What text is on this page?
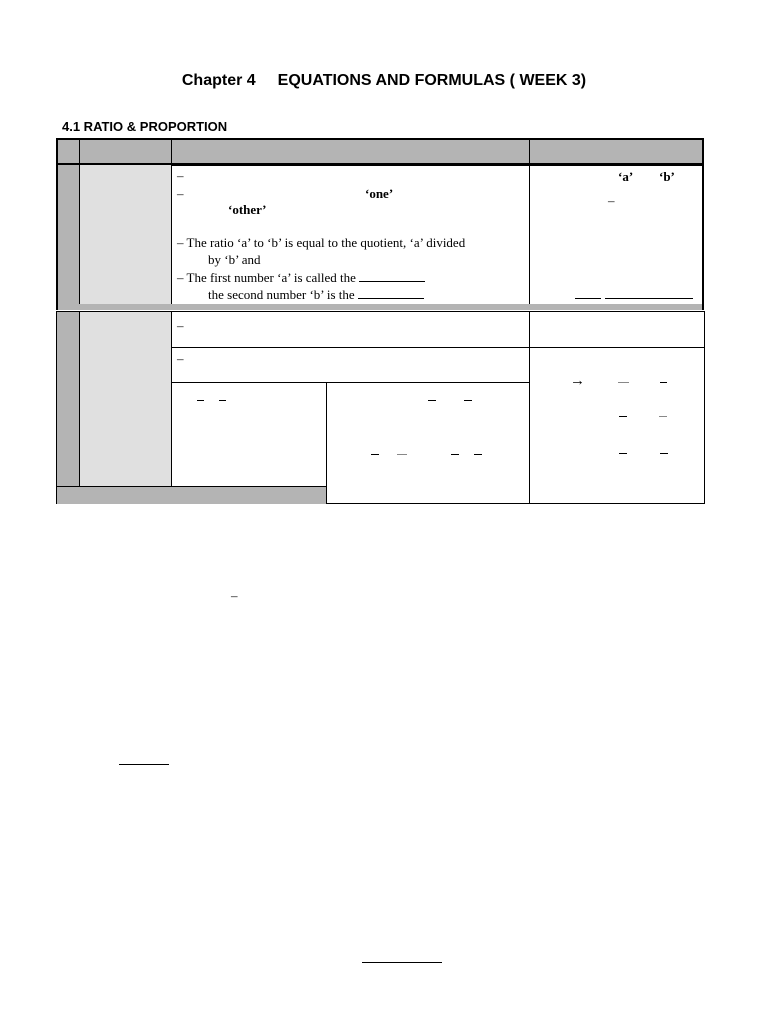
Chapter 4 EQUATIONS AND FORMULAS ( WEEK 3)
4.1 RATIO & PROPORTION
–
–	‘one’
‘other’
– The ratio ‘a’ to ‘b’ is equal to the quotient, ‘a’ divided
by ‘b’ and
– The first number ‘a’ is called the
the second number ‘b’ is the
‘a’ ‘b’
–
–
–
→
–
